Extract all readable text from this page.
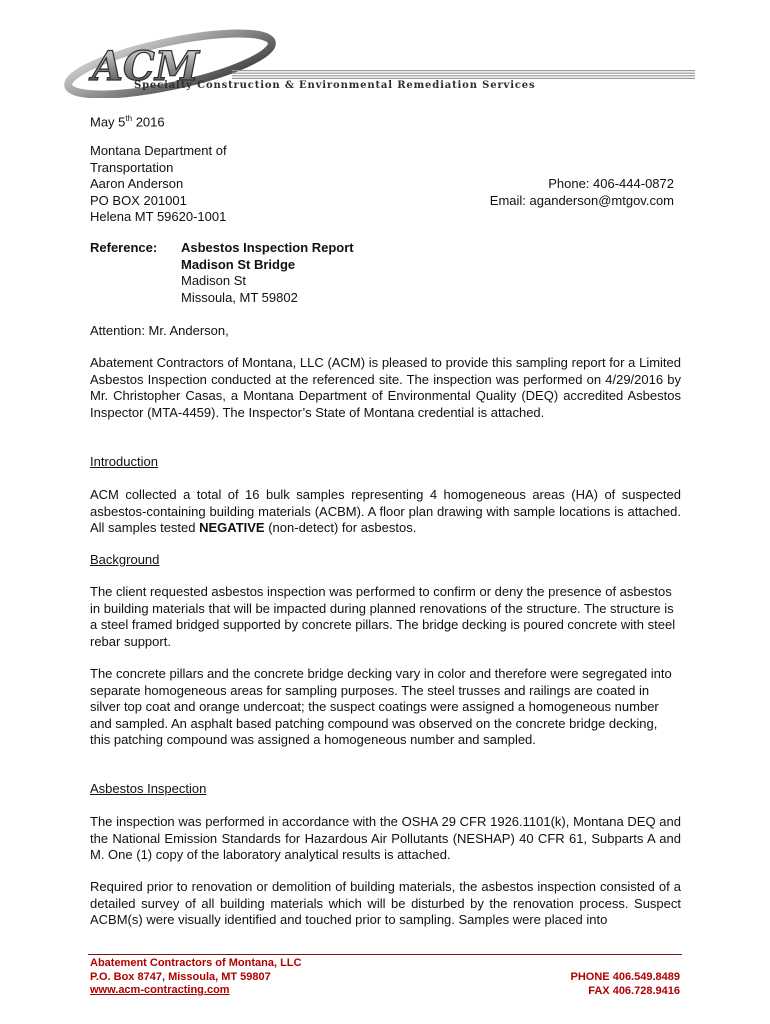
ACM
Specialty Construction & Environmental Remediation Services
May 5th 2016
Montana Department of
Transportation
Aaron Anderson
PO BOX 201001
Helena MT 59620-1001
Phone: 406-444-0872
Email: aganderson@mtgov.com
Reference: Asbestos Inspection Report
Madison St Bridge
Madison St
Missoula, MT 59802
Attention: Mr. Anderson,
Abatement Contractors of Montana, LLC (ACM) is pleased to provide this sampling report for a Limited Asbestos Inspection conducted at the referenced site. The inspection was performed on 4/29/2016 by Mr. Christopher Casas, a Montana Department of Environmental Quality (DEQ) accredited Asbestos Inspector (MTA-4459). The Inspector’s State of Montana credential is attached.
Introduction
ACM collected a total of 16 bulk samples representing 4 homogeneous areas (HA) of suspected asbestos-containing building materials (ACBM). A floor plan drawing with sample locations is attached. All samples tested NEGATIVE (non-detect) for asbestos.
Background
The client requested asbestos inspection was performed to confirm or deny the presence of asbestos in building materials that will be impacted during planned renovations of the structure. The structure is a steel framed bridged supported by concrete pillars. The bridge decking is poured concrete with steel rebar support.
The concrete pillars and the concrete bridge decking vary in color and therefore were segregated into separate homogeneous areas for sampling purposes. The steel trusses and railings are coated in silver top coat and orange undercoat; the suspect coatings were assigned a homogeneous number and sampled. An asphalt based patching compound was observed on the concrete bridge decking, this patching compound was assigned a homogeneous number and sampled.
Asbestos Inspection
The inspection was performed in accordance with the OSHA 29 CFR 1926.1101(k), Montana DEQ and the National Emission Standards for Hazardous Air Pollutants (NESHAP) 40 CFR 61, Subparts A and M. One (1) copy of the laboratory analytical results is attached.
Required prior to renovation or demolition of building materials, the asbestos inspection consisted of a detailed survey of all building materials which will be disturbed by the renovation process. Suspect ACBM(s) were visually identified and touched prior to sampling. Samples were placed into
Abatement Contractors of Montana, LLC
P.O. Box 8747, Missoula, MT 59807
www.acm-contracting.com
PHONE 406.549.8489
FAX 406.728.9416
